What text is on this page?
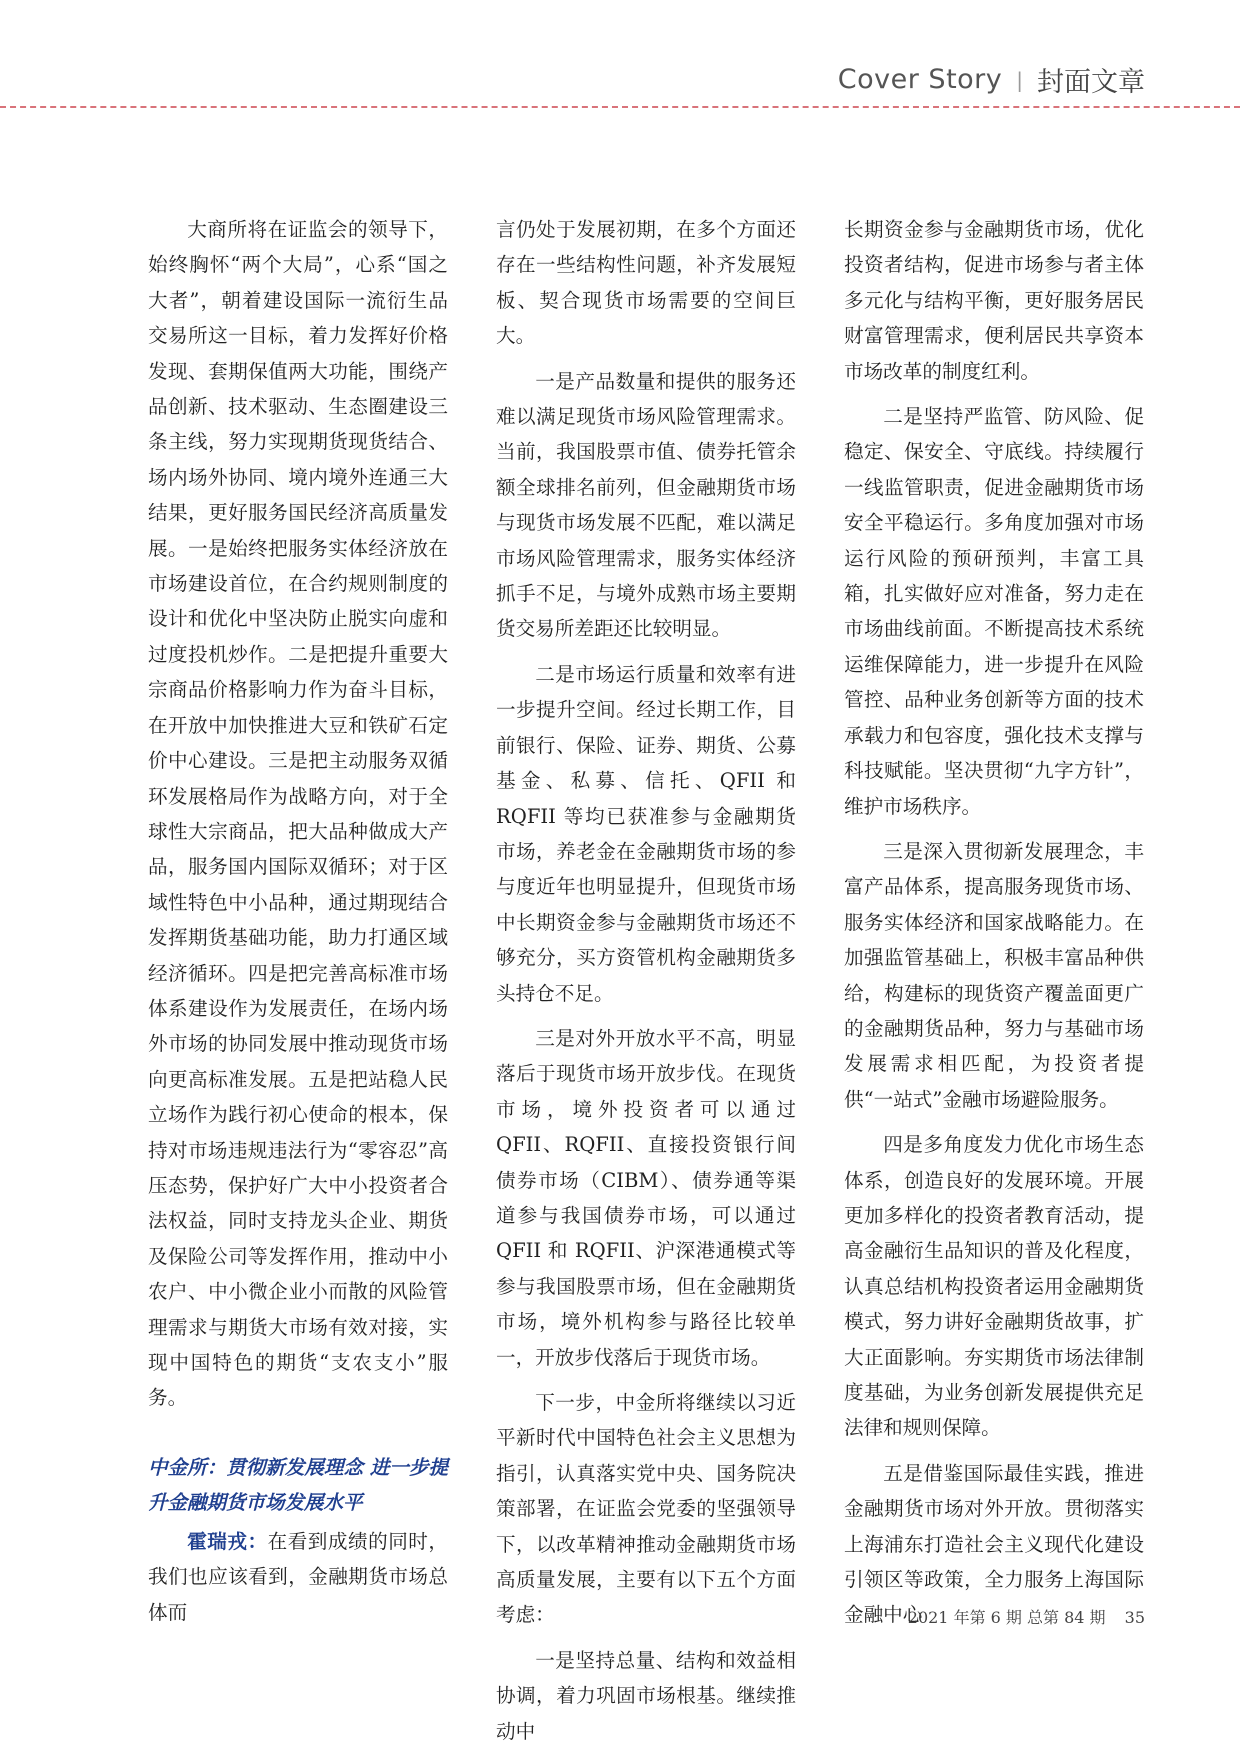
Cover Story | 封面文章

大商所将在证监会的领导下，始终胸怀“两个大局”，心系“国之大者”，朝着建设国际一流衍生品交易所这一目标，着力发挥好价格发现、套期保值两大功能，围绕产品创新、技术驱动、生态圈建设三条主线，努力实现期货现货结合、场内场外协同、境内境外连通三大结果，更好服务国民经济高质量发展。一是始终把服务实体经济放在市场建设首位，在合约规则制度的设计和优化中坚决防止脱实向虚和过度投机炒作。二是把提升重要大宗商品价格影响力作为奋斗目标，在开放中加快推进大豆和铁矿石定价中心建设。三是把主动服务双循环发展格局作为战略方向，对于全球性大宗商品，把大品种做成大产品，服务国内国际双循环；对于区域性特色中小品种，通过期现结合发挥期货基础功能，助力打通区域经济循环。四是把完善高标准市场体系建设作为发展责任，在场内场外市场的协同发展中推动现货市场向更高标准发展。五是把站稳人民立场作为践行初心使命的根本，保持对市场违规违法行为“零容忍”高压态势，保护好广大中小投资者合法权益，同时支持龙头企业、期货及保险公司等发挥作用，推动中小农户、中小微企业小而散的风险管理需求与期货大市场有效对接，实现中国特色的期货“支农支小”服务。

中金所：贯彻新发展理念 进一步提升金融期货市场发展水平

霍瑞戎：在看到成绩的同时，我们也应该看到，金融期货市场总体而

言仍处于发展初期，在多个方面还存在一些结构性问题，补齐发展短板、契合现货市场需要的空间巨大。

一是产品数量和提供的服务还难以满足现货市场风险管理需求。当前，我国股票市值、债券托管余额全球排名前列，但金融期货市场与现货市场发展不匹配，难以满足市场风险管理需求，服务实体经济抓手不足，与境外成熟市场主要期货交易所差距还比较明显。

二是市场运行质量和效率有进一步提升空间。经过长期工作，目前银行、保险、证券、期货、公募基金、私募、信托、QFII 和 RQFII 等均已获准参与金融期货市场，养老金在金融期货市场的参与度近年也明显提升，但现货市场中长期资金参与金融期货市场还不够充分，买方资管机构金融期货多头持仓不足。

三是对外开放水平不高，明显落后于现货市场开放步伐。在现货市场，境外投资者可以通过 QFII、RQFII、直接投资银行间债券市场（CIBM）、债券通等渠道参与我国债券市场，可以通过 QFII 和 RQFII、沪深港通模式等参与我国股票市场，但在金融期货市场，境外机构参与路径比较单一，开放步伐落后于现货市场。

下一步，中金所将继续以习近平新时代中国特色社会主义思想为指引，认真落实党中央、国务院决策部署，在证监会党委的坚强领导下，以改革精神推动金融期货市场高质量发展，主要有以下五个方面考虑：

一是坚持总量、结构和效益相协调，着力巩固市场根基。继续推动中

长期资金参与金融期货市场，优化投资者结构，促进市场参与者主体多元化与结构平衡，更好服务居民财富管理需求，便利居民共享资本市场改革的制度红利。

二是坚持严监管、防风险、促稳定、保安全、守底线。持续履行一线监管职责，促进金融期货市场安全平稳运行。多角度加强对市场运行风险的预研预判，丰富工具箱，扎实做好应对准备，努力走在市场曲线前面。不断提高技术系统运维保障能力，进一步提升在风险管控、品种业务创新等方面的技术承载力和包容度，强化技术支撑与科技赋能。坚决贯彻“九字方针”，维护市场秩序。

三是深入贯彻新发展理念，丰富产品体系，提高服务现货市场、服务实体经济和国家战略能力。在加强监管基础上，积极丰富品种供给，构建标的现货资产覆盖面更广的金融期货品种，努力与基础市场发展需求相匹配，为投资者提供“一站式”金融市场避险服务。

四是多角度发力优化市场生态体系，创造良好的发展环境。开展更加多样化的投资者教育活动，提高金融衍生品知识的普及化程度，认真总结机构投资者运用金融期货模式，努力讲好金融期货故事，扩大正面影响。夯实期货市场法律制度基础，为业务创新发展提供充足法律和规则保障。

五是借鉴国际最佳实践，推进金融期货市场对外开放。贯彻落实上海浦东打造社会主义现代化建设引领区等政策，全力服务上海国际金融中心

2021 年第 6 期 总第 84 期 35
